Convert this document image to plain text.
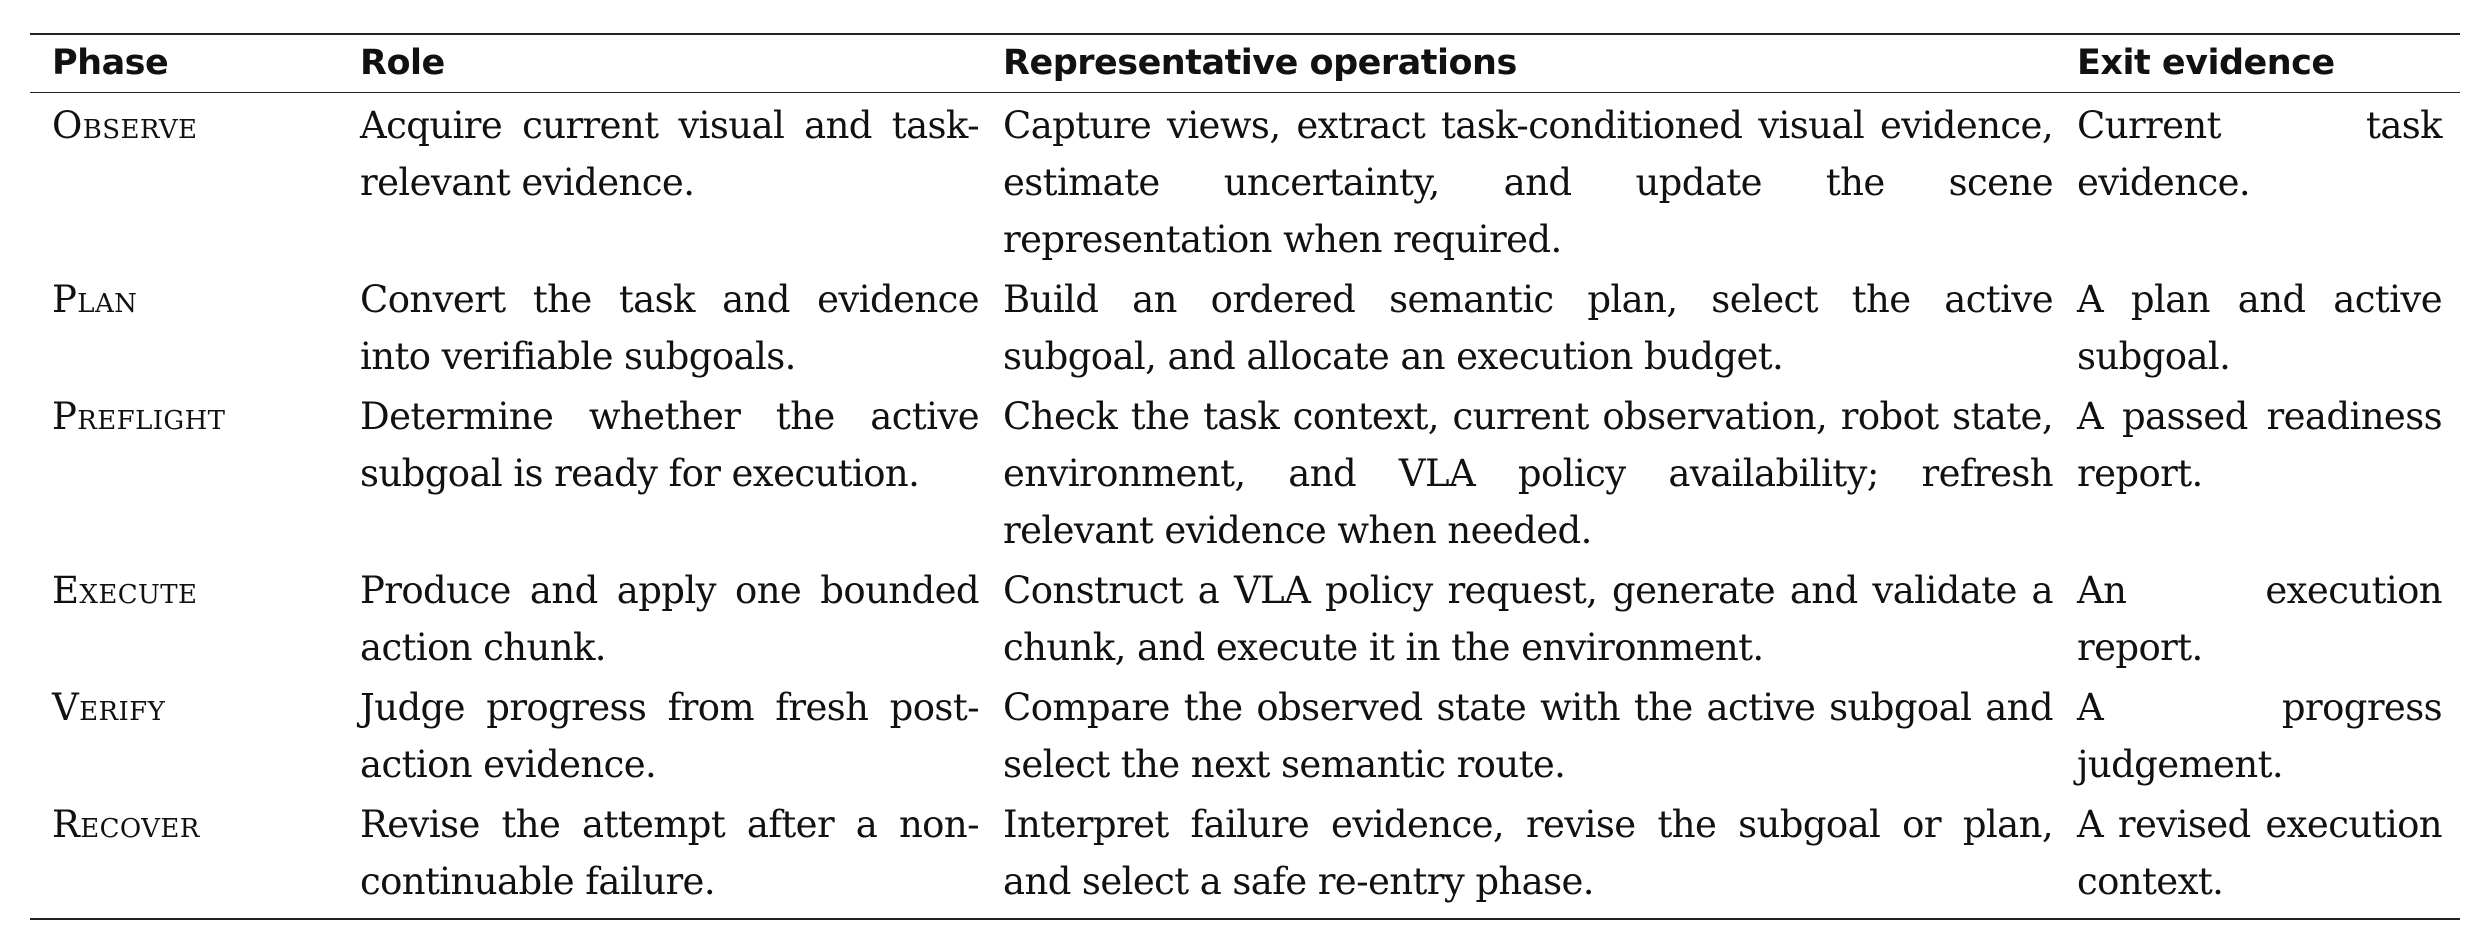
Phase	Role	Representative operations	Exit evidence
Observe	Acquire current visual and task-relevant evidence.	Capture views, extract task-conditioned visual evidence, estimate uncertainty, and update the scene representation when required.	Current task evidence.
Plan	Convert the task and evidence into verifiable subgoals.	Build an ordered semantic plan, select the active subgoal, and allocate an execution budget.	A plan and active subgoal.
Preflight	Determine whether the active subgoal is ready for execution.	Check the task context, current observation, robot state, environment, and VLA policy availability; refresh relevant evidence when needed.	A passed readiness report.
Execute	Produce and apply one bounded action chunk.	Construct a VLA policy request, generate and validate a chunk, and execute it in the environment.	An execution report.
Verify	Judge progress from fresh post-action evidence.	Compare the observed state with the active subgoal and select the next semantic route.	A progress judgement.
Recover	Revise the attempt after a non-continuable failure.	Interpret failure evidence, revise the subgoal or plan, and select a safe re-entry phase.	A revised execution context.
